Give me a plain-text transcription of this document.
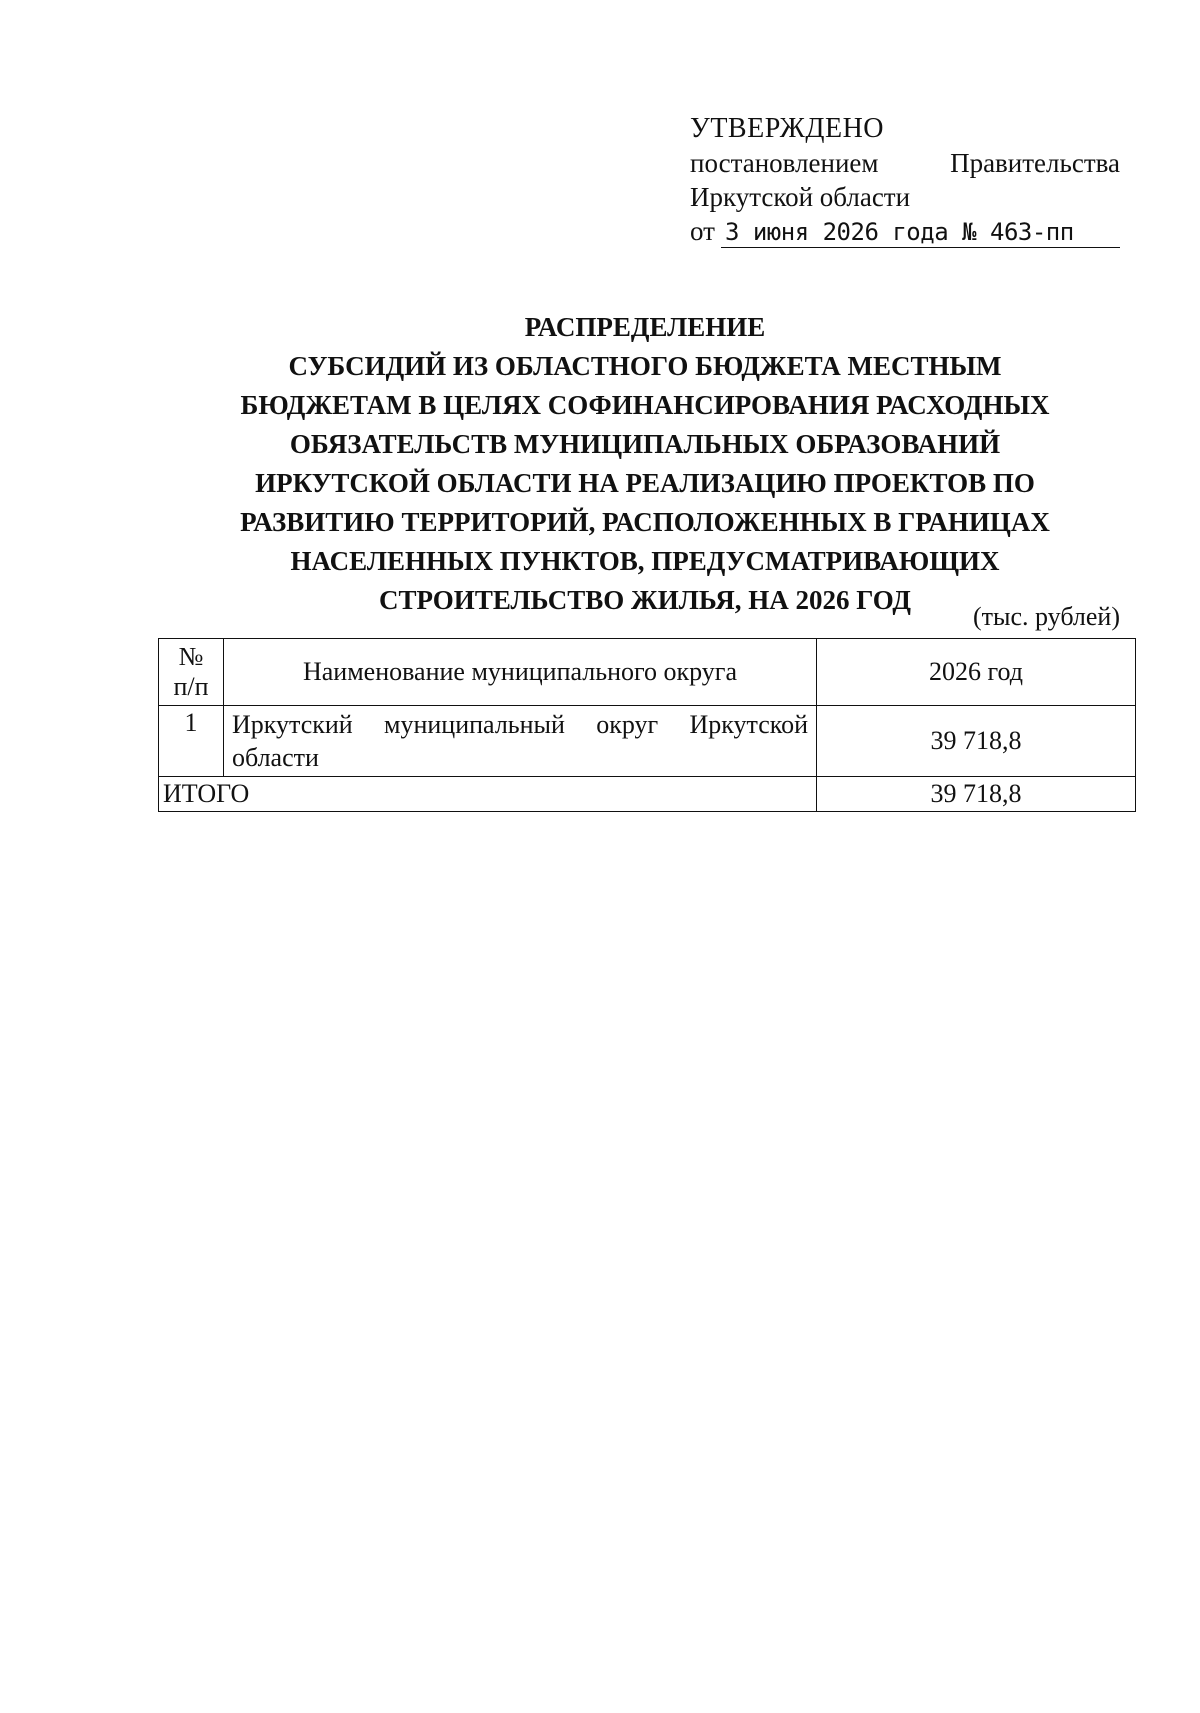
УТВЕРЖДЕНО
постановлением	Правительства
Иркутской области
от 3 июня 2026 года № 463-пп
РАСПРЕДЕЛЕНИЕ
СУБСИДИЙ ИЗ ОБЛАСТНОГО БЮДЖЕТА МЕСТНЫМ
БЮДЖЕТАМ В ЦЕЛЯХ СОФИНАНСИРОВАНИЯ РАСХОДНЫХ
ОБЯЗАТЕЛЬСТВ МУНИЦИПАЛЬНЫХ ОБРАЗОВАНИЙ
ИРКУТСКОЙ ОБЛАСТИ НА РЕАЛИЗАЦИЮ ПРОЕКТОВ ПО
РАЗВИТИЮ ТЕРРИТОРИЙ, РАСПОЛОЖЕННЫХ В ГРАНИЦАХ
НАСЕЛЕННЫХ ПУНКТОВ, ПРЕДУСМАТРИВАЮЩИХ
СТРОИТЕЛЬСТВО ЖИЛЬЯ, НА 2026 ГОД
(тыс. рублей)
№
п/п	Наименование муниципального округа	2026 год
1	Иркутский муниципальный округ Иркутской области	39 718,8
ИТОГО		39 718,8
